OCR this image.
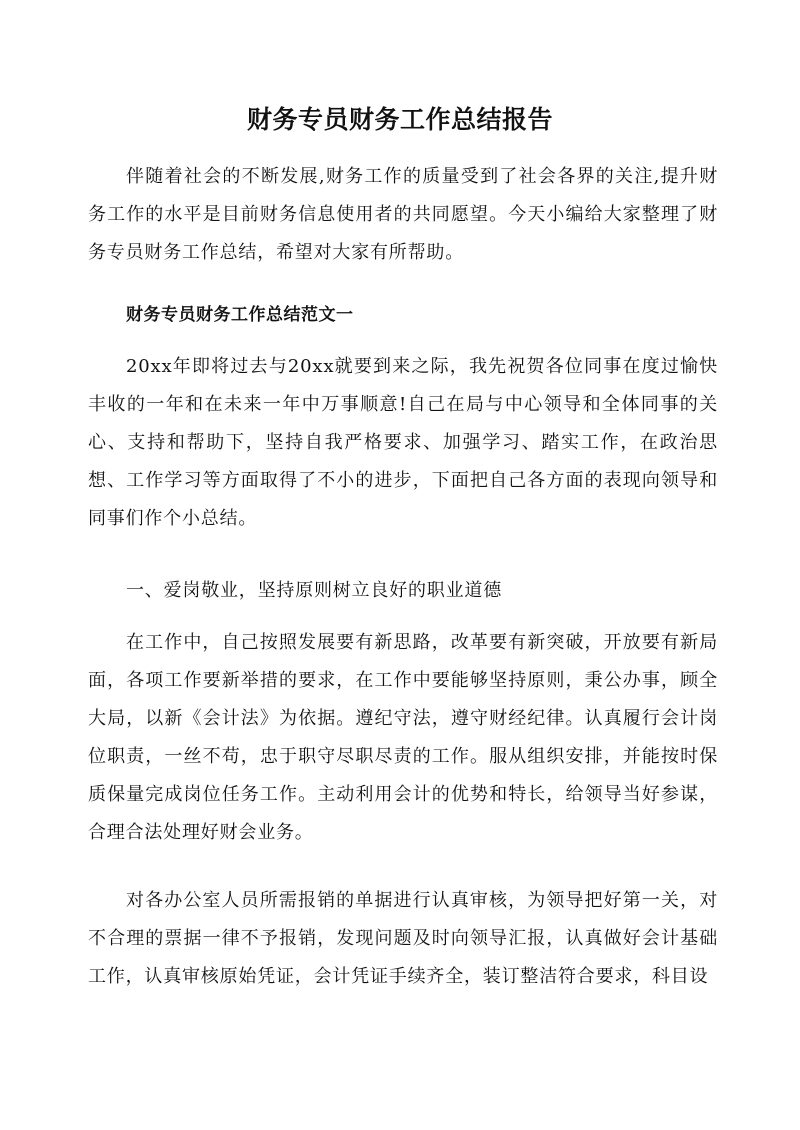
财务专员财务工作总结报告

伴随着社会的不断发展,财务工作的质量受到了社会各界的关注,提升财务工作的水平是目前财务信息使用者的共同愿望。今天小编给大家整理了财务专员财务工作总结，希望对大家有所帮助。

财务专员财务工作总结范文一

20xx年即将过去与20xx就要到来之际，我先祝贺各位同事在度过愉快丰收的一年和在未来一年中万事顺意!自己在局与中心领导和全体同事的关心、支持和帮助下，坚持自我严格要求、加强学习、踏实工作，在政治思想、工作学习等方面取得了不小的进步，下面把自己各方面的表现向领导和同事们作个小总结。

一、爱岗敬业，坚持原则树立良好的职业道德

在工作中，自己按照发展要有新思路，改革要有新突破，开放要有新局面，各项工作要新举措的要求，在工作中要能够坚持原则，秉公办事，顾全大局，以新《会计法》为依据。遵纪守法，遵守财经纪律。认真履行会计岗位职责，一丝不苟，忠于职守尽职尽责的工作。服从组织安排，并能按时保质保量完成岗位任务工作。主动利用会计的优势和特长，给领导当好参谋，合理合法处理好财会业务。

对各办公室人员所需报销的单据进行认真审核，为领导把好第一关，对不合理的票据一律不予报销，发现问题及时向领导汇报，认真做好会计基础工作，认真审核原始凭证，会计凭证手续齐全，装订整洁符合要求，科目设
